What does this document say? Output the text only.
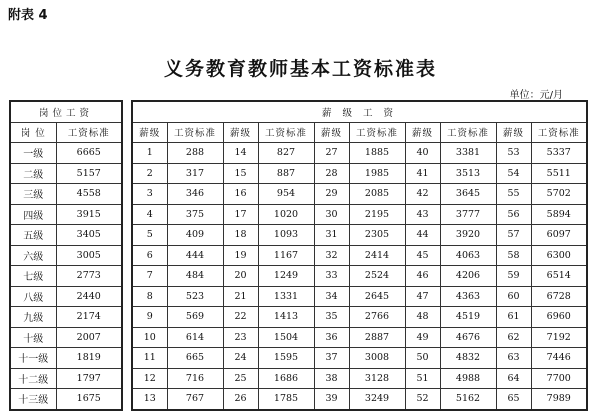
附表 4
义务教育教师基本工资标准表
单位：元/月
岗位工资	
岗 位	工资标准
一级	6665
二级	5157
三级	4558
四级	3915
五级	3405
六级	3005
七级	2773
八级	2440
九级	2174
十级	2007
十一级	1819
十二级	1797
十三级	1675
薪 级 工 资									
薪级	工资标准	薪级	工资标准	薪级	工资标准	薪级	工资标准	薪级	工资标准
1	288	14	827	27	1885	40	3381	53	5337
2	317	15	887	28	1985	41	3513	54	5511
3	346	16	954	29	2085	42	3645	55	5702
4	375	17	1020	30	2195	43	3777	56	5894
5	409	18	1093	31	2305	44	3920	57	6097
6	444	19	1167	32	2414	45	4063	58	6300
7	484	20	1249	33	2524	46	4206	59	6514
8	523	21	1331	34	2645	47	4363	60	6728
9	569	22	1413	35	2766	48	4519	61	6960
10	614	23	1504	36	2887	49	4676	62	7192
11	665	24	1595	37	3008	50	4832	63	7446
12	716	25	1686	38	3128	51	4988	64	7700
13	767	26	1785	39	3249	52	5162	65	7989
